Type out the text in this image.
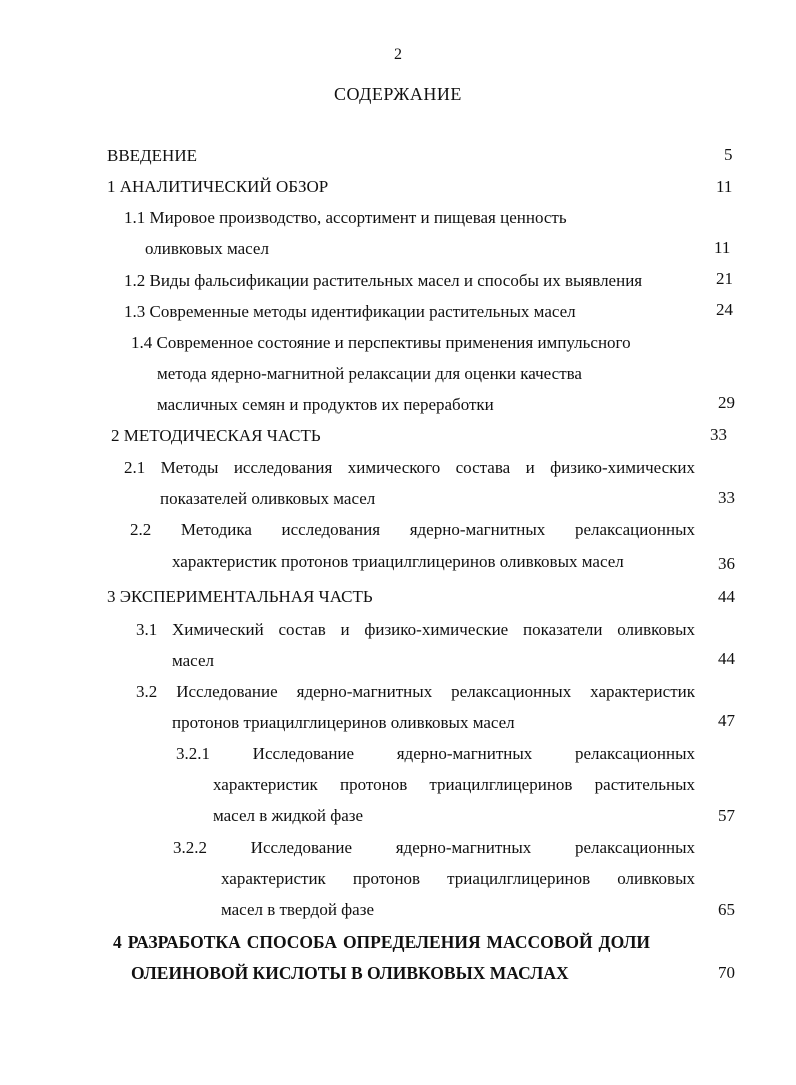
2
СОДЕРЖАНИЕ
ВВЕДЕНИЕ	5
1 АНАЛИТИЧЕСКИЙ ОБЗОР	11
1.1 Мировое производство, ассортимент и пищевая ценность
оливковых масел	11
1.2 Виды фальсификации растительных масел и способы их выявления	21
1.3 Современные методы идентификации растительных масел	24
1.4 Современное состояние и перспективы применения импульсного
метода ядерно-магнитной релаксации для оценки качества
масличных семян и продуктов их переработки	29
2 МЕТОДИЧЕСКАЯ ЧАСТЬ	33
2.1 Методы исследования химического состава и физико-химических
показателей оливковых масел	33
2.2 Методика исследования ядерно-магнитных релаксационных
характеристик протонов триацилглицеринов оливковых масел	36
3 ЭКСПЕРИМЕНТАЛЬНАЯ ЧАСТЬ	44
3.1 Химический состав и физико-химические показатели оливковых
масел	44
3.2 Исследование ядерно-магнитных релаксационных характеристик
протонов триацилглицеринов оливковых масел	47
3.2.1 Исследование ядерно-магнитных релаксационных
характеристик протонов триацилглицеринов растительных
масел в жидкой фазе	57
3.2.2 Исследование ядерно-магнитных релаксационных
характеристик протонов триацилглицеринов оливковых
масел в твердой фазе	65
4 РАЗРАБОТКА СПОСОБА ОПРЕДЕЛЕНИЯ МАССОВОЙ ДОЛИ
ОЛЕИНОВОЙ КИСЛОТЫ В ОЛИВКОВЫХ МАСЛАХ	70
